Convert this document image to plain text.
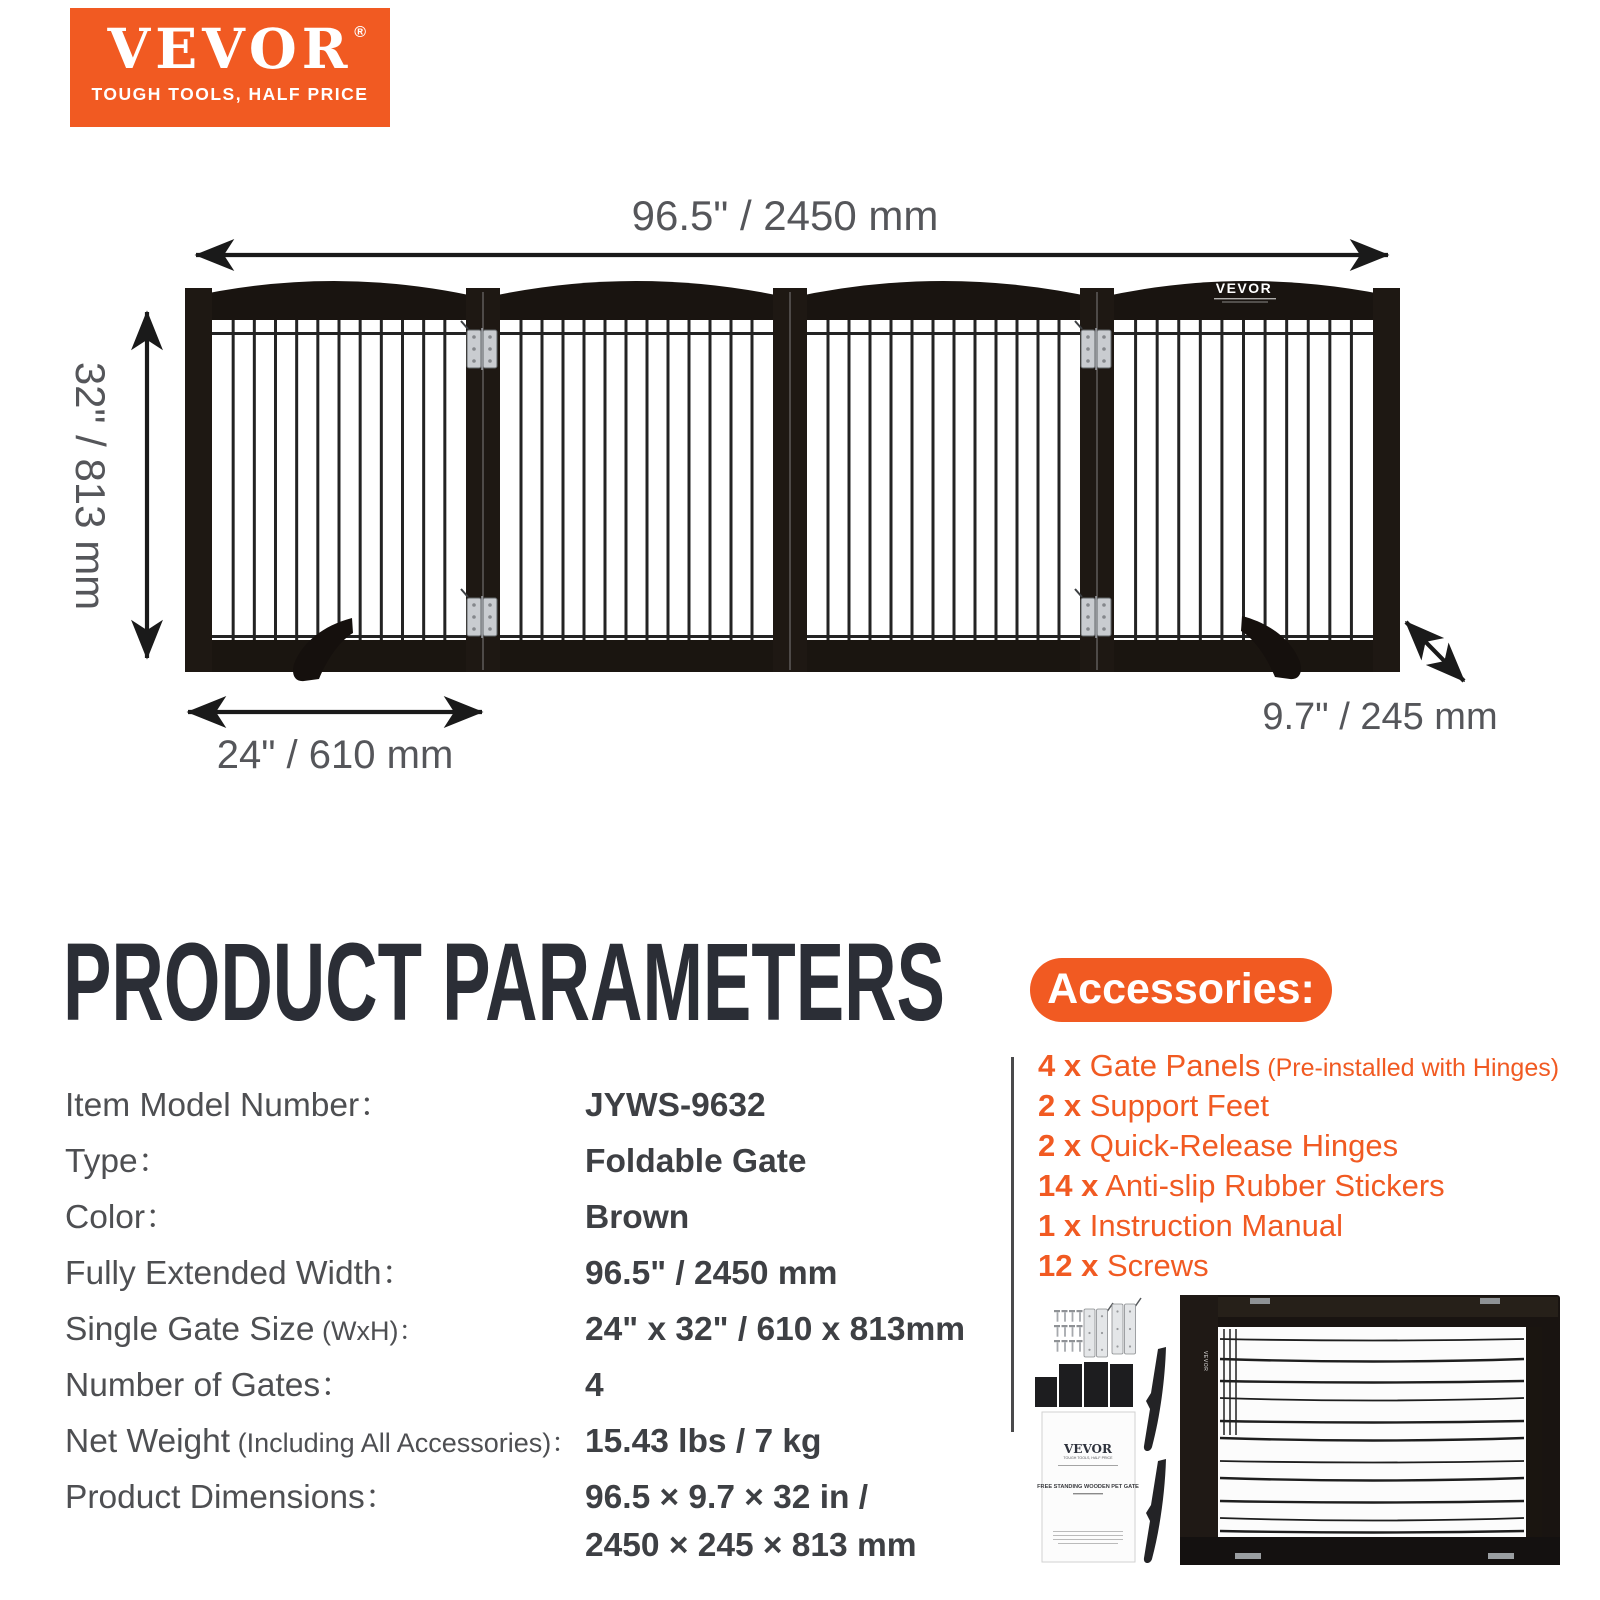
VEVOR ®
TOUGH TOOLS, HALF PRICE
VEVOR
96.5" / 2450 mm
32" / 813 mm
24" / 610 mm
9.7" / 245 mm
PRODUCT PARAMETERS
Item Model Number：	JYWS-9632
Type：	Foldable Gate
Color：	Brown
Fully Extended Width：	96.5" / 2450 mm
Single Gate Size (WxH)：	24" x 32" / 610 x 813mm
Number of Gates：	4
Net Weight (Including All Accessories)： 15.43 lbs / 7 kg
Product Dimensions：	96.5 × 9.7 × 32 in /
2450 × 245 × 813 mm
Accessories:
4 x Gate Panels (Pre-installed with Hinges)
2 x Support Feet
2 x Quick-Release Hinges
14 x Anti-slip Rubber Stickers
1 x Instruction Manual
12 x Screws
VEVOR
TOUGH TOOLS, HALF PRICE
FREE STANDING WOODEN PET GATE
VEVOR
